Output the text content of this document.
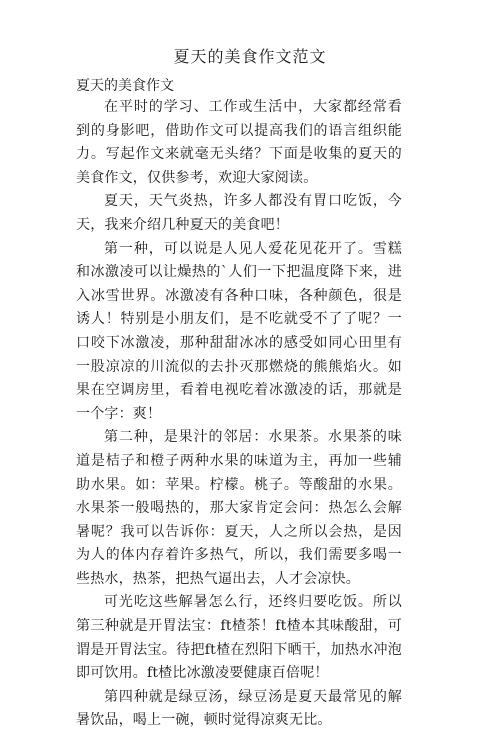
夏天的美食作文范文
夏天的美食作文

在平时的学习、工作或生活中，大家都经常看到的身影吧，借助作文可以提高我们的语言组织能力。写起作文来就毫无头绪？下面是收集的夏天的美食作文，仅供参考，欢迎大家阅读。

夏天，天气炎热，许多人都没有胃口吃饭，今天，我来介绍几种夏天的美食吧！

第一种，可以说是人见人爱花见花开了。雪糕和冰激凌可以让燥热的`人们一下把温度降下来，进入冰雪世界。冰激凌有各种口味，各种颜色，很是诱人！特别是小朋友们，是不吃就受不了了呢？一口咬下冰激凌，那种甜甜冰冰的感受如同心田里有一股凉凉的川流似的去扑灭那燃烧的熊熊焰火。如果在空调房里，看着电视吃着冰激凌的话，那就是一个字：爽！

第二种，是果汁的邻居：水果茶。水果茶的味道是桔子和橙子两种水果的味道为主，再加一些辅助水果。如：苹果。柠檬。桃子。等酸甜的水果。水果茶一般喝热的，那大家肯定会问：热怎么会解暑呢？我可以告诉你：夏天，人之所以会热，是因为人的体内存着许多热气，所以，我们需要多喝一些热水，热茶，把热气逼出去，人才会凉快。

可光吃这些解暑怎么行，还终归要吃饭。所以第三种就是开胃法宝：ft楂茶！ft楂本其味酸甜，可谓是开胃法宝。待把ft楂在烈阳下晒干，加热水冲泡即可饮用。ft楂比冰激凌要健康百倍呢！

第四种就是绿豆汤，绿豆汤是夏天最常见的解暑饮品，喝上一碗，顿时觉得凉爽无比。
